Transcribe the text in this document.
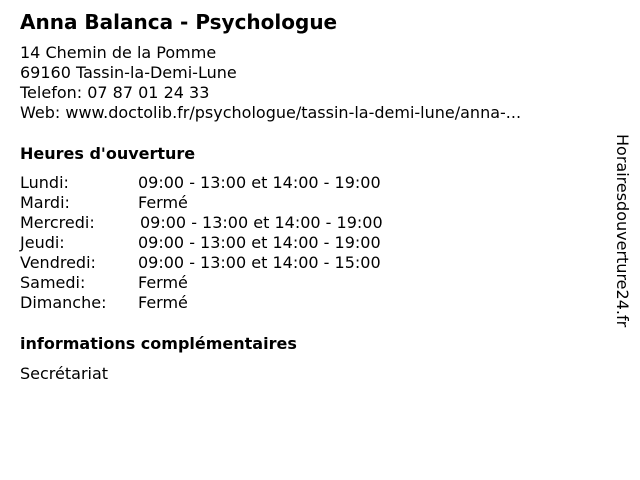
Anna Balanca - Psychologue
14 Chemin de la Pomme
69160 Tassin-la-Demi-Lune
Telefon: 07 87 01 24 33
Web: www.doctolib.fr/psychologue/tassin-la-demi-lune/anna-...
Heures d'ouverture
Lundi:	09:00 - 13:00 et 14:00 - 19:00
Mardi:	Fermé
Mercredi:	09:00 - 13:00 et 14:00 - 19:00
Jeudi:	09:00 - 13:00 et 14:00 - 19:00
Vendredi:	09:00 - 13:00 et 14:00 - 15:00
Samedi:	Fermé
Dimanche: Fermé
informations complémentaires
Secrétariat
Horairesdouverture24.fr
